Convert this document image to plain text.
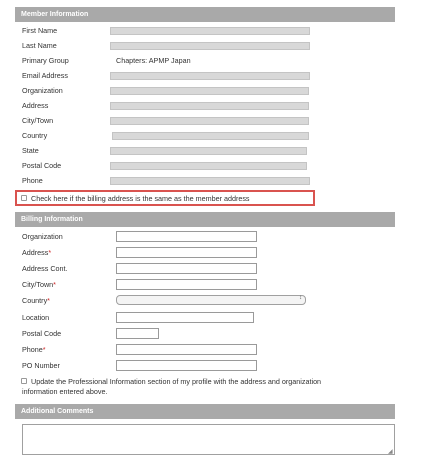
Member Information
First Name
Last Name
Primary Group	Chapters: APMP Japan
Email Address
Organization
Address
City/Town
Country
State
Postal Code
Phone
Check here if the billing address is the same as the member address
Billing Information
Organization
Address*
Address Cont.
City/Town*
Country*	↕
Location
Postal Code
Phone*
PO Number
Update the Professional Information section of my profile with the address and organization
information entered above.
Additional Comments
◢
